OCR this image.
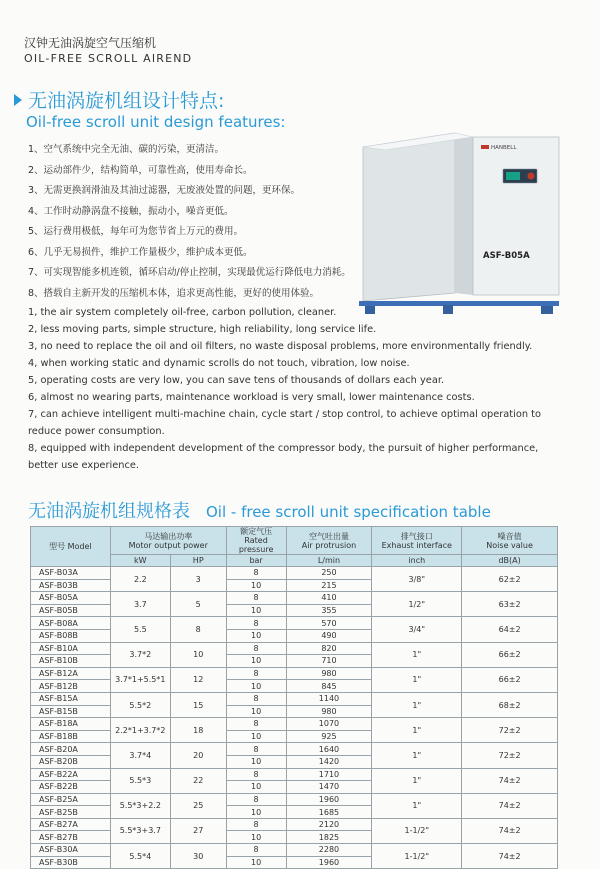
汉钟无油涡旋空气压缩机
OIL-FREE SCROLL AIREND
无油涡旋机组设计特点:
Oil-free scroll unit design features:
1、空气系统中完全无油、碳的污染，更清洁。
2、运动部件少，结构简单，可靠性高，使用寿命长。
3、无需更换润滑油及其油过滤器，无废液处置的问题，更环保。
4、工作时动静涡盘不接触，振动小，噪音更低。
5、运行费用极低，每年可为您节省上万元的费用。
6、几乎无易损件，维护工作量极少，维护成本更低。
7、可实现智能多机连锁，循环启动/停止控制，实现最优运行降低电力消耗。
8、搭载自主新开发的压缩机本体，追求更高性能，更好的使用体验。
HANBELL
ASF-B05A
1, the air system completely oil-free, carbon pollution, cleaner.
2, less moving parts, simple structure, high reliability, long service life.
3, no need to replace the oil and oil filters, no waste disposal problems, more environmentally friendly.
4, when working static and dynamic scrolls do not touch, vibration, low noise.
5, operating costs are very low, you can save tens of thousands of dollars each year.
6, almost no wearing parts, maintenance workload is very small, lower maintenance costs.
7, can achieve intelligent multi-machine chain, cycle start / stop control, to achieve optimal operation to reduce power consumption.
8, equipped with independent development of the compressor body, the pursuit of higher performance, better use experience.
无油涡旋机组规格表 Oil - free scroll unit specification table
型号 Model	马达输出功率
Motor output power		额定气压
Rated pressure	空气吐出量
Air protrusion	排气接口
Exhaust interface	噪音值
Noise value
	kW	HP	bar	L/min	inch	dB(A)
ASF-B03A	2.2	3	8	250	3/8"	62±2
ASF-B03B			10	215		
ASF-B05A	3.7	5	8	410	1/2"	63±2
ASF-B05B			10	355		
ASF-B08A	5.5	8	8	570	3/4"	64±2
ASF-B08B			10	490		
ASF-B10A	3.7*2	10	8	820	1"	66±2
ASF-B10B			10	710		
ASF-B12A	3.7*1+5.5*1	12	8	980	1"	66±2
ASF-B12B			10	845		
ASF-B15A	5.5*2	15	8	1140	1"	68±2
ASF-B15B			10	980		
ASF-B18A	2.2*1+3.7*2	18	8	1070	1"	72±2
ASF-B18B			10	925		
ASF-B20A	3.7*4	20	8	1640	1"	72±2
ASF-B20B			10	1420		
ASF-B22A	5.5*3	22	8	1710	1"	74±2
ASF-B22B			10	1470		
ASF-B25A	5.5*3+2.2	25	8	1960	1"	74±2
ASF-B25B			10	1685		
ASF-B27A	5.5*3+3.7	27	8	2120	1-1/2"	74±2
ASF-B27B			10	1825		
ASF-B30A	5.5*4	30	8	2280	1-1/2"	74±2
ASF-B30B			10	1960		
